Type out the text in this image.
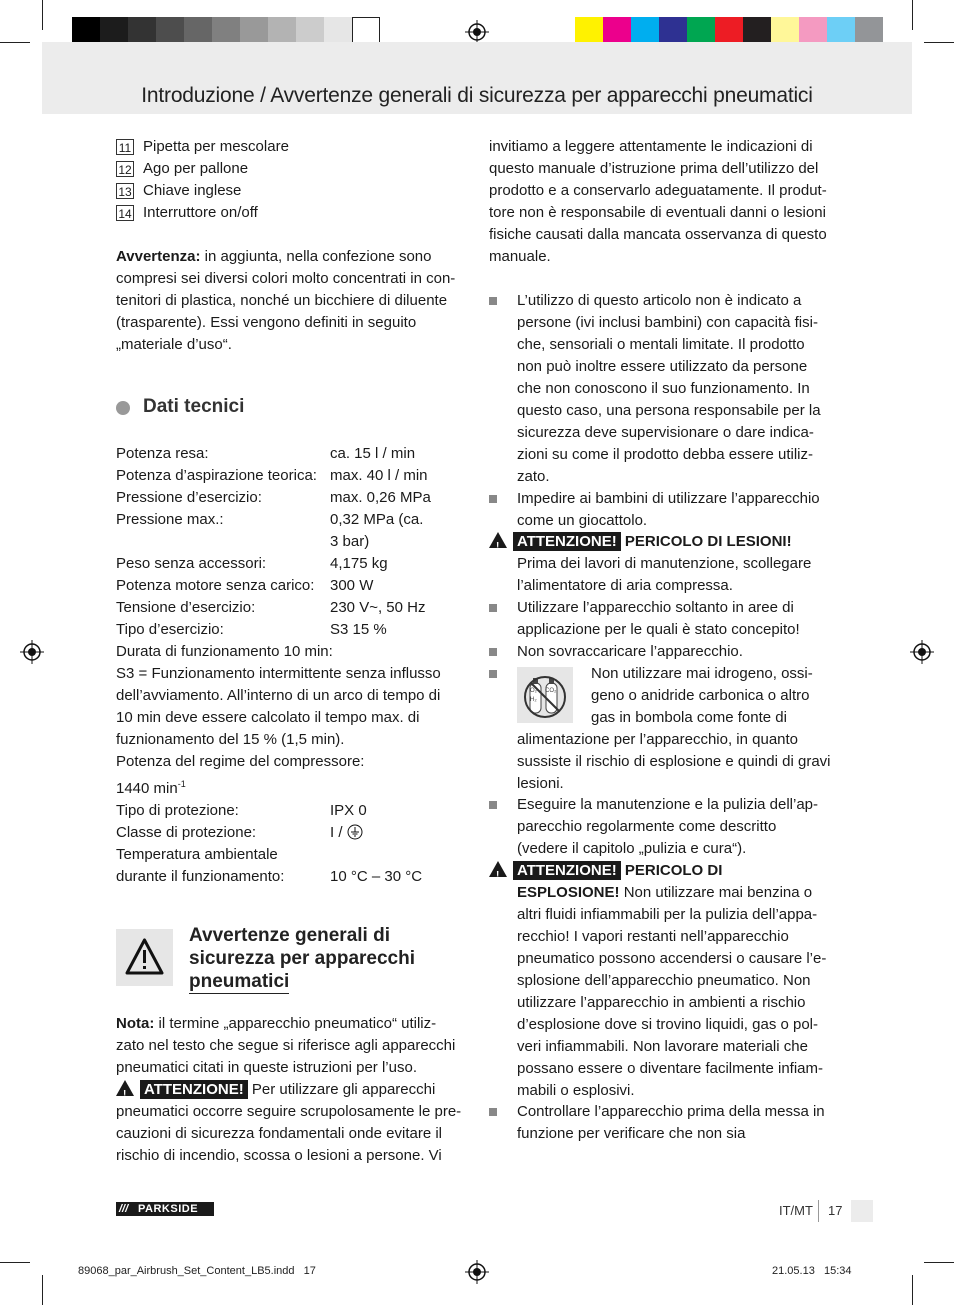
Introduzione / Avvertenze generali di sicurezza per apparecchi pneumatici
11 Pipetta per mescolare
12 Ago per pallone
13 Chiave inglese
14 Interruttore on/off
Avvertenza: in aggiunta, nella confezione sono
compresi sei diversi colori molto concentrati in con-
tenitori di plastica, nonché un bicchiere di diluente
(trasparente). Essi vengono definiti in seguito
„materiale d’uso“.
Dati tecnici
Potenza resa:	ca. 15 l / min
Potenza d’aspirazione teorica: max. 40 l / min
Pressione d’esercizio:	max. 0,26 MPa
Pressione max.:	0,32 MPa (ca.
3 bar)
Peso senza accessori:	4,175 kg
Potenza motore senza carico: 300 W
Tensione d’esercizio:	230 V~, 50 Hz
Tipo d’esercizio:	S3 15 %
Durata di funzionamento 10 min:
S3 = Funzionamento intermittente senza influsso
dell’avviamento. All’interno di un arco di tempo di
10 min deve essere calcolato il tempo max. di
fuznionamento del 15 % (1,5 min).
Potenza del regime del compressore:
1440 $\min^{-1}$
Tipo di protezione:	IPX 0
Classe di protezione:	I /
Temperatura ambientale
durante il funzionamento:	10 °C – 30 °C
Avvertenze generali di
sicurezza per apparecchi
pneumatici
Nota: il termine „apparecchio pneumatico“ utiliz-
zato nel testo che segue si riferisce agli apparecchi
pneumatici citati in queste istruzioni per l’uso.
!ATTENZIONE! Per utilizzare gli apparecchi
pneumatici occorre seguire scrupolosamente le pre-
cauzioni di sicurezza fondamentali onde evitare il
rischio di incendio, scossa o lesioni a persone. Vi
invitiamo a leggere attentamente le indicazioni di
questo manuale d’istruzione prima dell’utilizzo del
prodotto e a conservarlo adeguatamente. Il produt-
tore non è responsabile di eventuali danni o lesioni
fisiche causati dalla mancata osservanza di questo
manuale.
L’utilizzo di questo articolo non è indicato a
persone (ivi inclusi bambini) con capacità fisi-
che, sensoriali o mentali limitate. Il prodotto
non può inoltre essere utilizzato da persone
che non conoscono il suo funzionamento. In
questo caso, una persona responsabile per la
sicurezza deve supervisionare o dare indica-
zioni su come il prodotto debba essere utiliz-
zato.
Impedire ai bambini di utilizzare l’apparecchio
come un giocattolo.
!ATTENZIONE! PERICOLO DI LESIONI!
Prima dei lavori di manutenzione, scollegare
l’alimentatore di aria compressa.
Utilizzare l’apparecchio soltanto in aree di
applicazione per le quali è stato concepito!
Non sovraccaricare l’apparecchio.
O₂
H₂
CO₂
Non utilizzare mai idrogeno, ossi-
geno o anidride carbonica o altro
gas in bombola come fonte di
alimentazione per l’apparecchio, in quanto
sussiste il rischio di esplosione e quindi di gravi
lesioni.
Eseguire la manutenzione e la pulizia dell’ap-
parecchio regolarmente come descritto
(vedere il capitolo „pulizia e cura“).
!ATTENZIONE! PERICOLO DI
ESPLOSIONE! Non utilizzare mai benzina o
altri fluidi infiammabili per la pulizia dell’appa-
recchio! I vapori restanti nell’apparecchio
pneumatico possono accendersi o causare l’e-
splosione dell’apparecchio pneumatico. Non
utilizzare l’apparecchio in ambienti a rischio
d’esplosione dove si trovino liquidi, gas o pol-
veri infiammabili. Non lavorare materiali che
possano essere o diventare facilmente infiam-
mabili o esplosivi.
Controllare l’apparecchio prima della messa in
funzione per verificare che non sia
/// PARKSIDE	IT/MT 17
89068_par_Airbrush_Set_Content_LB5.indd   17	21.05.13   15:34
